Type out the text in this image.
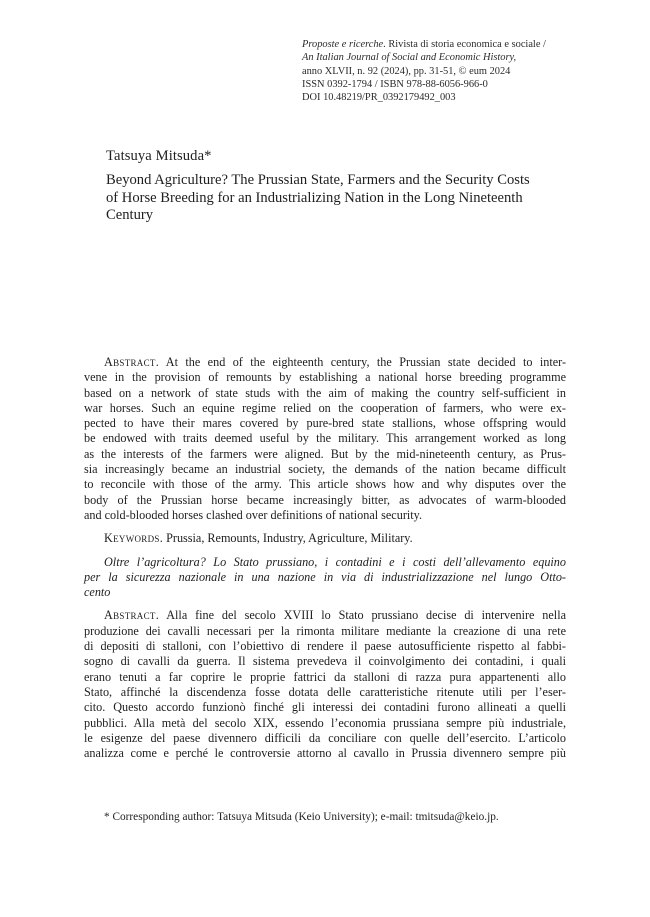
Proposte e ricerche. Rivista di storia economica e sociale /
An Italian Journal of Social and Economic History,
anno XLVII, n. 92 (2024), pp. 31-51, © eum 2024
ISSN 0392-1794 / ISBN 978-88-6056-966-0
DOI 10.48219/PR_0392179492_003
Tatsuya Mitsuda*
Beyond Agriculture? The Prussian State, Farmers and the Security Costs
of Horse Breeding for an Industrializing Nation in the Long Nineteenth
Century
Abstract. At the end of the eighteenth century, the Prussian state decided to inter-
vene in the provision of remounts by establishing a national horse breeding programme
based on a network of state studs with the aim of making the country self-sufficient in
war horses. Such an equine regime relied on the cooperation of farmers, who were ex-
pected to have their mares covered by pure-bred state stallions, whose offspring would
be endowed with traits deemed useful by the military. This arrangement worked as long
as the interests of the farmers were aligned. But by the mid-nineteenth century, as Prus-
sia increasingly became an industrial society, the demands of the nation became difficult
to reconcile with those of the army. This article shows how and why disputes over the
body of the Prussian horse became increasingly bitter, as advocates of warm-blooded
and cold-blooded horses clashed over definitions of national security.
Keywords. Prussia, Remounts, Industry, Agriculture, Military.
Oltre l’agricoltura? Lo Stato prussiano, i contadini e i costi dell’allevamento equino
per la sicurezza nazionale in una nazione in via di industrializzazione nel lungo Otto-
cento
Abstract. Alla fine del secolo XVIII lo Stato prussiano decise di intervenire nella
produzione dei cavalli necessari per la rimonta militare mediante la creazione di una rete
di depositi di stalloni, con l’obiettivo di rendere il paese autosufficiente rispetto al fabbi-
sogno di cavalli da guerra. Il sistema prevedeva il coinvolgimento dei contadini, i quali
erano tenuti a far coprire le proprie fattrici da stalloni di razza pura appartenenti allo
Stato, affinché la discendenza fosse dotata delle caratteristiche ritenute utili per l’eser-
cito. Questo accordo funzionò finché gli interessi dei contadini furono allineati a quelli
pubblici. Alla metà del secolo XIX, essendo l’economia prussiana sempre più industriale,
le esigenze del paese divennero difficili da conciliare con quelle dell’esercito. L’articolo
analizza come e perché le controversie attorno al cavallo in Prussia divennero sempre più
* Corresponding author: Tatsuya Mitsuda (Keio University); e-mail: tmitsuda@keio.jp.
